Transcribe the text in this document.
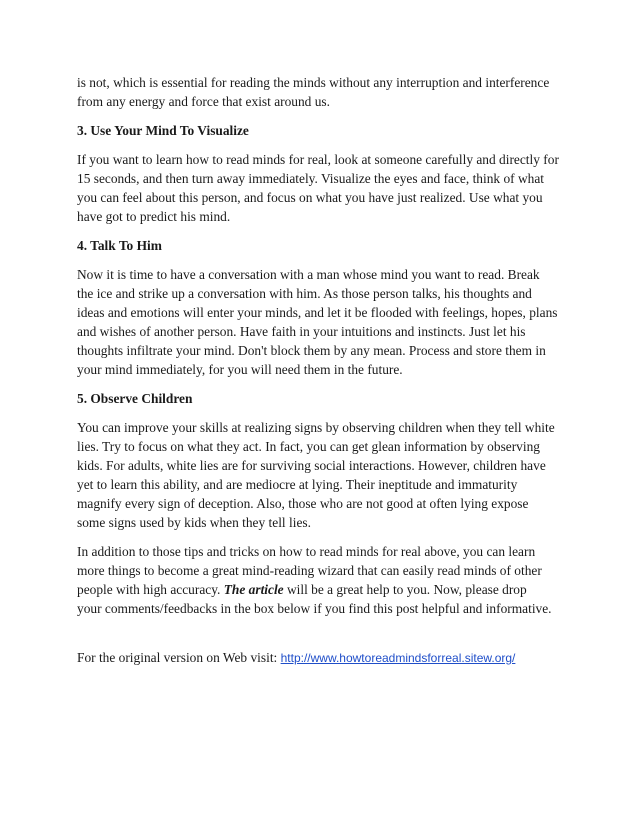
is not, which is essential for reading the minds without any interruption and interference
from any energy and force that exist around us.

3. Use Your Mind To Visualize

If you want to learn how to read minds for real, look at someone carefully and directly for
15 seconds, and then turn away immediately. Visualize the eyes and face, think of what
you can feel about this person, and focus on what you have just realized. Use what you
have got to predict his mind.

4. Talk To Him

Now it is time to have a conversation with a man whose mind you want to read. Break
the ice and strike up a conversation with him. As those person talks, his thoughts and
ideas and emotions will enter your minds, and let it be flooded with feelings, hopes, plans
and wishes of another person. Have faith in your intuitions and instincts. Just let his
thoughts infiltrate your mind. Don't block them by any mean. Process and store them in
your mind immediately, for you will need them in the future.

5. Observe Children

You can improve your skills at realizing signs by observing children when they tell white
lies. Try to focus on what they act. In fact, you can get glean information by observing
kids. For adults, white lies are for surviving social interactions. However, children have
yet to learn this ability, and are mediocre at lying. Their ineptitude and immaturity
magnify every sign of deception. Also, those who are not good at often lying expose
some signs used by kids when they tell lies.

In addition to those tips and tricks on how to read minds for real above, you can learn
more things to become a great mind-reading wizard that can easily read minds of other
people with high accuracy. The article will be a great help to you. Now, please drop
your comments/feedbacks in the box below if you find this post helpful and informative.

For the original version on Web visit: http://www.howtoreadmindsforreal.sitew.org/
